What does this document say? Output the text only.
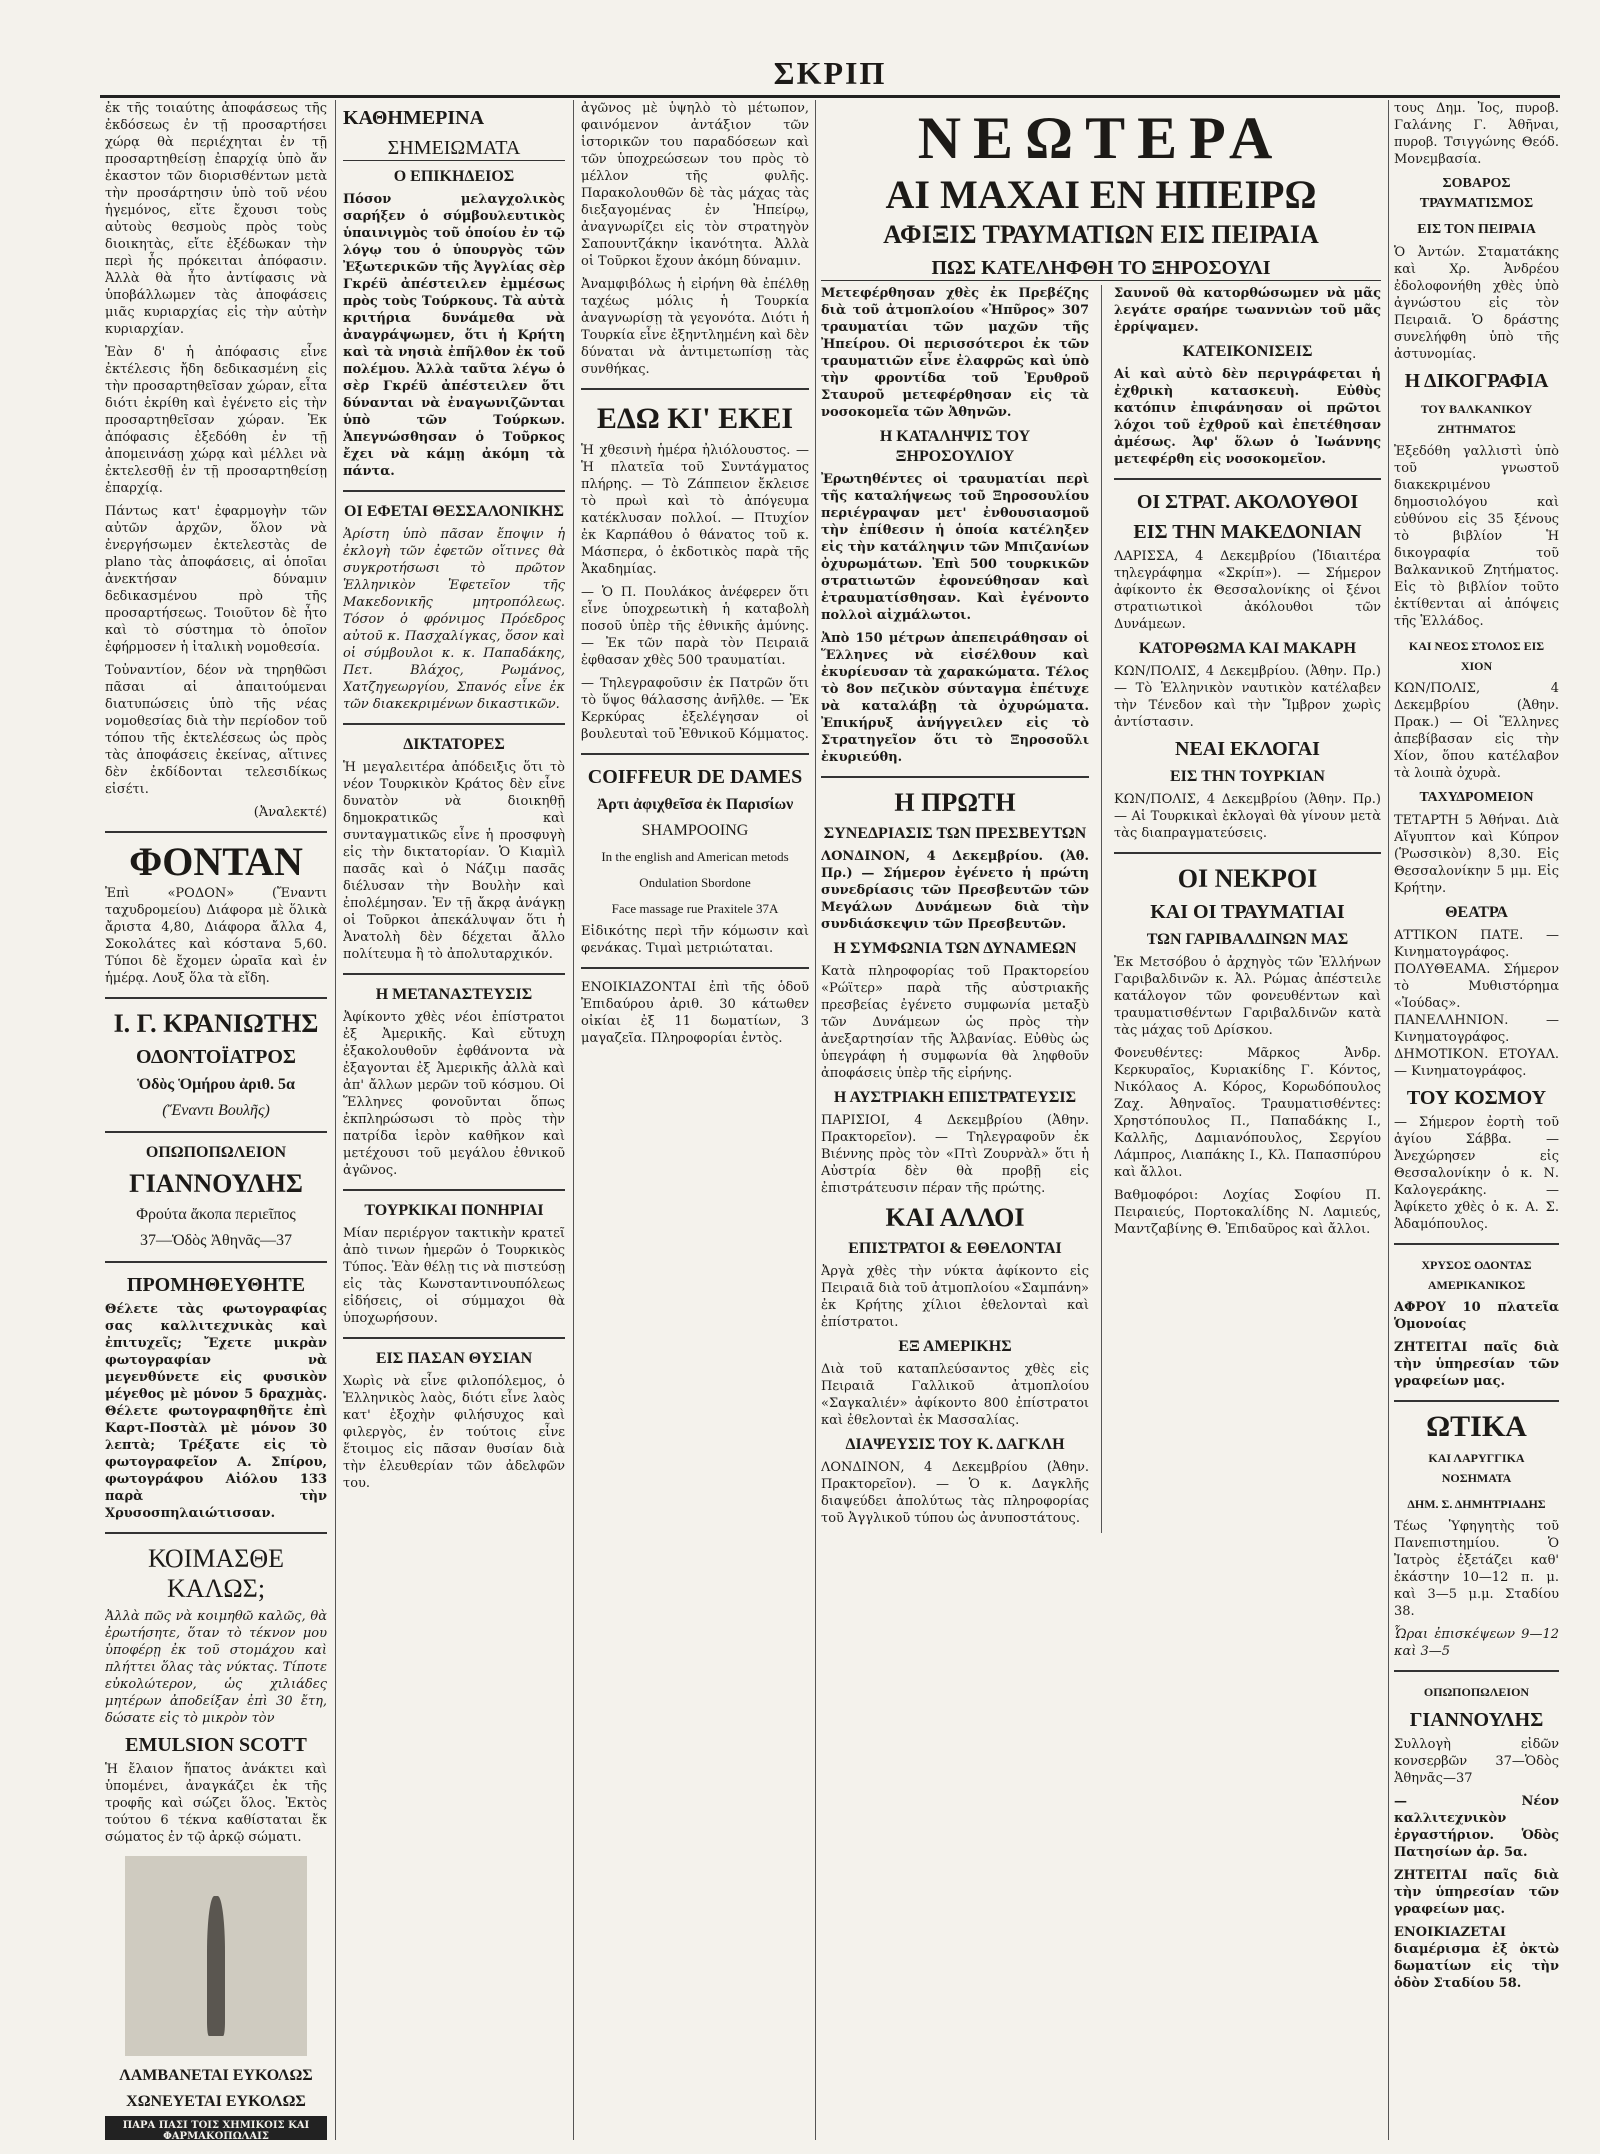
ΣΚΡΙΠ

ἐκ τῆς τοιαύτης ἀποφάσεως τῆς ἐκδόσεως ἐν τῇ προσαρτήσει χώρᾳ θὰ περιέχηται ἐν τῇ προσαρτηθείσῃ ἐπαρχίᾳ ὑπὸ ἄν ἐκαστον τῶν διορισθέντων μετὰ τὴν προσάρτησιν ὑπὸ τοῦ νέου ἡγεμόνος, εἴτε ἔχουσι τοὺς αὐτοὺς θεσμοὺς πρὸς τοὺς διοικητὰς, εἴτε ἐξέδωκαν τὴν περὶ ἧς πρόκειται ἀπόφασιν. Ἀλλὰ θὰ ἦτο ἀντίφασις νὰ ὑποβάλλωμεν τὰς ἀποφάσεις μιᾶς κυριαρχίας εἰς τὴν αὐτὴν κυριαρχίαν.

Ἐὰν δ' ἡ ἀπόφασις εἶνε ἐκτέλεσις ἤδη δεδικασμένη εἰς τὴν προσαρτηθεῖσαν χώραν, εἶτα διότι ἐκρίθη καὶ ἐγένετο εἰς τὴν προσαρτηθεῖσαν χώραν. Ἐκ ἀπόφασις ἐξεδόθη ἐν τῇ ἀπομεινάσῃ χώρᾳ καὶ μέλλει νὰ ἐκτελεσθῇ ἐν τῇ προσαρτηθείσῃ ἐπαρχίᾳ.

Πάντως κατ' ἐφαρμογὴν τῶν αὐτῶν ἀρχῶν, ὅλον νὰ ἐνεργήσωμεν ἐκτελεστὰς de plano τὰς ἀποφάσεις, αἱ ὁποῖαι ἀνεκτήσαν δύναμιν δεδικασμένου πρὸ τῆς προσαρτήσεως. Τοιοῦτον δὲ ἦτο καὶ τὸ σύστημα τὸ ὁποῖον ἐφήρμοσεν ἡ ἰταλικὴ νομοθεσία.

Τοὐναντίον, δέον νὰ τηρηθῶσι πᾶσαι αἱ ἀπαιτούμεναι διατυπώσεις ὑπὸ τῆς νέας νομοθεσίας διὰ τὴν περίοδον τοῦ τόπου τῆς ἐκτελέσεως ὡς πρὸς τὰς ἀποφάσεις ἐκείνας, αἵτινες δὲν ἐκδίδονται τελεσιδίκως εἰσέτι.

(Ἀναλεκτέ)

ΦΟΝΤΑΝ

Ἐπὶ «ΡΟΔΟΝ» (Ἔναντι ταχυδρομείου) Διάφορα μὲ ὅλικὰ ἄριστα 4,80, Διάφορα ἄλλα 4, Σοκολάτες καὶ κόστανα 5,60. Τύποι δὲ ἔχομεν ὡραῖα καὶ ἐν ἡμέρᾳ. Λουξ ὅλα τὰ εἴδη.

Ι. Γ. ΚΡΑΝΙΩΤΗΣ
ΟΔΟΝΤΟΪΑΤΡΟΣ
Ὁδὸς Ὁμήρου ἀριθ. 5α
(Ἔναντι Βουλῆς)
ΟΠΩΠΟΠΩΛΕΙΟΝ
ΓΙΑΝΝΟΥΛΗΣ
Φρούτα ἄκοπα περιεῖπος
37—Ὁδὸς Ἀθηνᾶς—37
ΠΡΟΜΗΘΕΥΘΗΤΕ

Θέλετε τὰς φωτογραφίας σας καλλιτεχνικὰς καὶ ἐπιτυχεῖς; Ἔχετε μικρὰν φωτογραφίαν νὰ μεγενθύνετε εἰς φυσικὸν μέγεθος μὲ μόνον 5 δραχμὰς. Θέλετε φωτογραφηθῆτε ἐπὶ Καρτ-Ποστὰλ μὲ μόνον 30 λεπτὰ; Τρέξατε εἰς τὸ φωτογραφεῖον Α. Σπίρου, φωτογράφου Αἰόλου 133 παρὰ τὴν Χρυσοσπηλαιώτισσαν.

ΚΟΙΜΑΣΘΕ ΚΑΛΩΣ;

Ἀλλὰ πῶς νὰ κοιμηθῶ καλῶς, θὰ ἐρωτήσητε, ὅταν τὸ τέκνον μου ὑποφέρῃ ἐκ τοῦ στομάχου καὶ πλήττει ὅλας τὰς νύκτας. Τίποτε εὐκολώτερον, ὡς χιλιάδες μητέρων ἀποδείξαν ἐπὶ 30 ἔτη, δώσατε εἰς τὸ μικρὸν τὸν

EMULSION SCOTT

Ἡ ἔλαιον ἥπατος ἀνάκτει καὶ ὑπομένει, ἀναγκάζει ἐκ τῆς τροφῆς καὶ σώζει ὅλος. Ἐκτὸς τούτου 6 τέκνα καθίσταται ἔκ σώματος ἐν τῷ ἀρκῷ σώματι.

ΛΑΜΒΑΝΕΤΑΙ ΕΥΚΟΛΩΣ
ΧΩΝΕΥΕΤΑΙ ΕΥΚΟΛΩΣ
ΠΑΡΑ ΠΑΣΙ ΤΟΙΣ ΧΗΜΙΚΟΙΣ ΚΑΙ ΦΑΡΜΑΚΟΠΩΛΑΙΣ
ΚΑΘΗΜΕΡΙΝΑ
ΣΗΜΕΙΩΜΑΤΑ
Ο ΕΠΙΚΗΔΕΙΟΣ

Πόσον μελαγχολικὸς σαρήξεν ὁ σύμβουλευτικὸς ὑπαινιγμὸς τοῦ ὁποίου ἐν τῷ λόγῳ του ὁ ὑπουργὸς τῶν Ἐξωτερικῶν τῆς Ἀγγλίας σὲρ Γκρέϋ ἀπέστειλεν ἐμμέσως πρὸς τοὺς Τούρκους. Τὰ αὐτὰ κριτήρια δυνάμεθα νὰ ἀναγράψωμεν, ὅτι ἡ Κρήτη καὶ τὰ νησιὰ ἐπῆλθον ἐκ τοῦ πολέμου. Ἀλλὰ ταῦτα λέγω ὁ σὲρ Γκρέϋ ἀπέστειλεν ὅτι δύνανται νὰ ἐναγωνιζῶνται ὑπὸ τῶν Τούρκων. Ἀπεγνώσθησαν ὁ Τοῦρκος ἔχει νὰ κάμῃ ἀκόμη τὰ πάντα.

ΟΙ ΕΦΕΤΑΙ ΘΕΣΣΑΛΟΝΙΚΗΣ

Ἀρίστη ὑπὸ πᾶσαν ἔποψιν ἡ ἐκλογὴ τῶν ἐφετῶν οἵτινες θὰ συγκροτήσωσι τὸ πρῶτον Ἑλληνικὸν Ἐφετεῖον τῆς Μακεδονικῆς μητροπόλεως. Τόσον ὁ φρόνιμος Πρόεδρος αὐτοῦ κ. Πασχαλίγκας, ὅσον καὶ οἱ σύμβουλοι κ. κ. Παπαδάκης, Πετ. Βλάχος, Ρωμάνος, Χατζηγεωργίου, Σπανός εἶνε ἐκ τῶν διακεκριμένων δικαστικῶν.

ΔΙΚΤΑΤΟΡΕΣ

Ἡ μεγαλειτέρα ἀπόδειξις ὅτι τὸ νέον Τουρκικὸν Κράτος δὲν εἶνε δυνατὸν νὰ διοικηθῇ δημοκρατικῶς καὶ συνταγματικῶς εἶνε ἡ προσφυγὴ εἰς τὴν δικτατορίαν. Ὁ Κιαμὶλ πασᾶς καὶ ὁ Νάζιμ πασᾶς διέλυσαν τὴν Βουλὴν καὶ ἐπολέμησαν. Ἐν τῇ ἄκρᾳ ἀνάγκῃ οἱ Τοῦρκοι ἀπεκάλυψαν ὅτι ἡ Ἀνατολὴ δὲν δέχεται ἄλλο πολίτευμα ἢ τὸ ἀπολυταρχικόν.

Η ΜΕΤΑΝΑΣΤΕΥΣΙΣ

Ἀφίκοντο χθὲς νέοι ἐπίστρατοι ἐξ Ἀμερικῆς. Καὶ εὔτυχη ἐξακολουθοῦν ἐφθάνοντα νὰ ἐξαγονται ἐξ Ἀμερικῆς ἀλλὰ καὶ ἀπ' ἄλλων μερῶν τοῦ κόσμου. Οἱ Ἕλληνες φονοῦνται ὅπως ἐκπληρώσωσι τὸ πρὸς τὴν πατρίδα ἱερὸν καθῆκον καὶ μετέχουσι τοῦ μεγάλου ἐθνικοῦ ἀγῶνος.

ΤΟΥΡΚΙΚΑΙ ΠΟΝΗΡΙΑΙ

Μίαν περιέργον τακτικὴν κρατεῖ ἀπὸ τινων ἡμερῶν ὁ Τουρκικὸς Τύπος. Ἐὰν θέλῃ τις νὰ πιστεύσῃ εἰς τὰς Κωνσταντινουπόλεως εἰδήσεις, οἱ σύμμαχοι θὰ ὑποχωρήσουν.

ΕΙΣ ΠΑΣΑΝ ΘΥΣΙΑΝ

Χωρὶς νὰ εἶνε φιλοπόλεμος, ὁ Ἑλληνικὸς λαὸς, διότι εἶνε λαὸς κατ' ἐξοχὴν φιλήσυχος καὶ φιλεργὸς, ἐν τούτοις εἶνε ἕτοιμος εἰς πᾶσαν θυσίαν διὰ τὴν ἐλευθερίαν τῶν ἀδελφῶν του.

ἀγῶνος μὲ ὑψηλὸ τὸ μέτωπον, φαινόμενον ἀντάξιον τῶν ἱστορικῶν του παραδόσεων καὶ τῶν ὑποχρεώσεων του πρὸς τὸ μέλλον τῆς φυλῆς. Παρακολουθῶν δὲ τὰς μάχας τὰς διεξαγομένας ἐν Ἠπείρῳ, ἀναγνωρίζει εἰς τὸν στρατηγὸν Σαπουντζάκην ἱκανότητα. Ἀλλὰ οἱ Τοῦρκοι ἔχουν ἀκόμη δύναμιν.

Ἀναμφιβόλως ἡ εἰρήνη θὰ ἐπέλθῃ ταχέως μόλις ἡ Τουρκία ἀναγνωρίσῃ τὰ γεγονότα. Διότι ἡ Τουρκία εἶνε ἐξηντλημένη καὶ δὲν δύναται νὰ ἀντιμετωπίσῃ τὰς συνθήκας.

ΕΔΩ ΚΙ' ΕΚΕΙ

Ἡ χθεσινὴ ἡμέρα ἠλιόλουστος. — Ἡ πλατεῖα τοῦ Συντάγματος πλήρης. — Τὸ Ζάππειον ἔκλεισε τὸ πρωὶ καὶ τὸ ἀπόγευμα κατέκλυσαν πολλοί. — Πτυχίον ἐκ Καρπάθου ὁ θάνατος τοῦ κ. Μάσπερα, ὁ ἐκδοτικὸς παρὰ τῆς Ἀκαδημίας.

— Ὁ Π. Πουλάκος ἀνέφερεν ὅτι εἶνε ὑποχρεωτικὴ ἡ καταβολὴ ποσοῦ ὑπὲρ τῆς ἐθνικῆς ἀμύνης. — Ἐκ τῶν παρὰ τὸν Πειραιᾶ ἐφθασαν χθὲς 500 τραυματίαι.

— Τηλεγραφοῦσιν ἐκ Πατρῶν ὅτι τὸ ὕψος θάλασσης ἀνῆλθε. — Ἐκ Κερκύρας ἐξελέγησαν οἱ βουλευταὶ τοῦ Ἐθνικοῦ Κόμματος.

COIFFEUR DE DAMES
Ἀρτι ἀφιχθεῖσα ἐκ Παρισίων
SHAMPOOING
In the english and American metods
Ondulation Sbordone
Face massage rue Praxitele 37A

Εἰδικότης περὶ τῆν κόμωσιν καὶ φενάκας. Τιμαὶ μετριώταται.

ΕΝΟΙΚΙΑΖΟΝΤΑΙ ἐπὶ τῆς ὁδοῦ Ἐπιδαύρου ἀριθ. 30 κάτωθεν οἰκίαι ἐξ 11 δωματίων, 3 μαγαζεῖα. Πληροφορίαι ἐντὸς.

ΝΕΩΤΕΡΑ
ΑΙ ΜΑΧΑΙ ΕΝ ΗΠΕΙΡΩ
ΑΦΙΞΙΣ ΤΡΑΥΜΑΤΙΩΝ ΕΙΣ ΠΕΙΡΑΙΑ
ΠΩΣ ΚΑΤΕΛΗΦΘΗ ΤΟ ΞΗΡΟΣΟΥΛΙ

Μετεφέρθησαν χθὲς ἐκ Πρεβέζης διὰ τοῦ ἀτμοπλοίου «Ἠπῦρος» 307 τραυματίαι τῶν μαχῶν τῆς Ἠπείρου. Οἱ περισσότεροι ἐκ τῶν τραυματιῶν εἶνε ἐλαφρῶς καὶ ὑπὸ τὴν φροντίδα τοῦ Ἐρυθροῦ Σταυροῦ μετεφέρθησαν εἰς τὰ νοσοκομεῖα τῶν Ἀθηνῶν.

Η ΚΑΤΑΛΗΨΙΣ ΤΟΥ ΞΗΡΟΣΟΥΛΙΟΥ

Ἐρωτηθέντες οἱ τραυματίαι περὶ τῆς καταλήψεως τοῦ Ξηροσουλίου περιέγραψαν μετ' ἐνθουσιασμοῦ τὴν ἐπίθεσιν ἡ ὁποία κατέληξεν εἰς τὴν κατάληψιν τῶν Μπιζανίων ὀχυρωμάτων. Ἐπὶ 500 τουρκικῶν στρατιωτῶν ἐφονεύθησαν καὶ ἐτραυματίσθησαν. Καὶ ἐγένοντο πολλοὶ αἰχμάλωτοι.

Ἀπὸ 150 μέτρων ἀπεπειράθησαν οἱ Ἕλληνες νὰ εἰσέλθουν καὶ ἐκυρίευσαν τὰ χαρακώματα. Τέλος τὸ 8ον πεζικὸν σύνταγμα ἐπέτυχε νὰ καταλάβῃ τὰ ὀχυρώματα. Ἐπικήρυξ ἀνήγγειλεν εἰς τὸ Στρατηγεῖον ὅτι τὸ Ξηροσοῦλι ἐκυριεύθη.

Η ΠΡΩΤΗ
ΣΥΝΕΔΡΙΑΣΙΣ ΤΩΝ ΠΡΕΣΒΕΥΤΩΝ

ΛΟΝΔΙΝΟΝ, 4 Δεκεμβρίου. (Ἀθ. Πρ.) — Σήμερον ἐγένετο ἡ πρώτη συνεδρίασις τῶν Πρεσβευτῶν τῶν Μεγάλων Δυνάμεων διὰ τὴν συνδιάσκεψιν τῶν Πρεσβευτῶν.

Η ΣΥΜΦΩΝΙΑ ΤΩΝ ΔΥΝΑΜΕΩΝ

Κατὰ πληροφορίας τοῦ Πρακτορείου «Ρώϊτερ» παρὰ τῆς αὐστριακῆς πρεσβείας ἐγένετο συμφωνία μεταξὺ τῶν Δυνάμεων ὡς πρὸς τὴν ἀνεξαρτησίαν τῆς Ἀλβανίας. Εὐθὺς ὡς ὑπεγράφη ἡ συμφωνία θὰ ληφθοῦν ἀποφάσεις ὑπὲρ τῆς εἰρήνης.

Η ΑΥΣΤΡΙΑΚΗ ΕΠΙΣΤΡΑΤΕΥΣΙΣ

ΠΑΡΙΣΙΟΙ, 4 Δεκεμβρίου (Ἀθην. Πρακτορεῖον). — Τηλεγραφοῦν ἐκ Βιέννης πρὸς τὸν «Πτὶ Ζουρνὰλ» ὅτι ἡ Αὐστρία δὲν θὰ προβῇ εἰς ἐπιστράτευσιν πέραν τῆς πρώτης.

ΚΑΙ ΑΛΛΟΙ
ΕΠΙΣΤΡΑΤΟΙ & ΕΘΕΛΟΝΤΑΙ

Ἀργὰ χθὲς τὴν νύκτα ἀφίκοντο εἰς Πειραιᾶ διὰ τοῦ ἀτμοπλοίου «Σαμπάνη» ἐκ Κρήτης χίλιοι ἐθελονταὶ καὶ ἐπίστρατοι.

ΕΞ ΑΜΕΡΙΚΗΣ

Διὰ τοῦ καταπλεύσαντος χθὲς εἰς Πειραιᾶ Γαλλικοῦ ἀτμοπλοίου «Σαγκαλιέν» ἀφίκοντο 800 ἐπίστρατοι καὶ ἐθελονταὶ ἐκ Μασσαλίας.

ΔΙΑΨΕΥΣΙΣ ΤΟΥ Κ. ΔΑΓΚΛΗ

ΛΟΝΔΙΝΟΝ, 4 Δεκεμβρίου (Ἀθην. Πρακτορεῖον). — Ὁ κ. Δαγκλῆς διαψεύδει ἀπολύτως τὰς πληροφορίας τοῦ Ἀγγλικοῦ τύπου ὡς ἀνυποστάτους.

Σαυνοῦ θὰ κατορθώσωμεν νὰ μᾶς λεγάτε σραήρε τωαννιὼν τοῦ μᾶς ἐρρίψαμεν.

ΚΑΤΕΙΚΟΝΙΣΕΙΣ

Αἱ καὶ αὐτὸ δὲν περιγράφεται ἡ ἐχθρικὴ κατασκευὴ. Εὐθὺς κατόπιν ἐπιφάνησαν οἱ πρῶτοι λόχοι τοῦ ἐχθροῦ καὶ ἐπετέθησαν ἀμέσως. Ἀφ' ὅλων ὁ Ἰωάννης μετεφέρθη εἰς νοσοκομεῖον.

ΟΙ ΣΤΡΑΤ. ΑΚΟΛΟΥΘΟΙ
ΕΙΣ ΤΗΝ ΜΑΚΕΔΟΝΙΑΝ

ΛΑΡΙΣΣΑ, 4 Δεκεμβρίου (Ἰδιαιτέρα τηλεγράφημα «Σκρίπ»). — Σήμερον ἀφίκοντο ἐκ Θεσσαλονίκης οἱ ξένοι στρατιωτικοὶ ἀκόλουθοι τῶν Δυνάμεων.

ΚΑΤΟΡΘΩΜΑ ΚΑΙ ΜΑΚΑΡΗ

ΚΩΝ/ΠΟΛΙΣ, 4 Δεκεμβρίου. (Ἀθην. Πρ.) — Τὸ Ἑλληνικὸν ναυτικὸν κατέλαβεν τὴν Τένεδον καὶ τὴν Ἴμβρον χωρὶς ἀντίστασιν.

ΝΕΑΙ ΕΚΛΟΓΑΙ
ΕΙΣ ΤΗΝ ΤΟΥΡΚΙΑΝ

ΚΩΝ/ΠΟΛΙΣ, 4 Δεκεμβρίου (Ἀθην. Πρ.) — Αἱ Τουρκικαὶ ἐκλογαὶ θὰ γίνουν μετὰ τὰς διαπραγματεύσεις.

ΟΙ ΝΕΚΡΟΙ
ΚΑΙ ΟΙ ΤΡΑΥΜΑΤΙΑΙ
ΤΩΝ ΓΑΡΙΒΑΛΔΙΝΩΝ ΜΑΣ

Ἐκ Μετσόβου ὁ ἀρχηγὸς τῶν Ἑλλήνων Γαριβαλδινῶν κ. Ἀλ. Ρώμας ἀπέστειλε κατάλογον τῶν φονευθέντων καὶ τραυματισθέντων Γαριβαλδινῶν κατὰ τὰς μάχας τοῦ Δρίσκου.

Φονευθέντες: Μᾶρκος Ἀνδρ. Κερκυραῖος, Κυριακίδης Γ. Κόντος, Νικόλαος Α. Κόρος, Κορωδόπουλος Ζαχ. Ἀθηναῖος. Τραυματισθέντες: Χρηστόπουλος Π., Παπαδάκης Ι., Καλλῆς, Δαμιανόπουλος, Σεργίου Λάμπρος, Λιαπάκης Ι., Κλ. Παπασπύρου καὶ ἄλλοι.

Βαθμοφόροι: Λοχίας Σοφίου Π. Πειραιεύς, Πορτοκαλίδης Ν. Λαμιεύς, Μαντζαβίνης Θ. Ἐπιδαῦρος καὶ ἄλλοι.

τους Δημ. Ἰος, πυροβ. Γαλάνης Γ. Ἀθῆναι, πυροβ. Τσιγγώνης Θεόδ. Μονεμβασία.

ΣΟΒΑΡΟΣ ΤΡΑΥΜΑΤΙΣΜΟΣ
ΕΙΣ ΤΟΝ ΠΕΙΡΑΙΑ

Ὁ Ἀντών. Σταματάκης καὶ Χρ. Ἀνδρέου ἐδολοφονήθη χθὲς ὑπὸ ἀγνώστου εἰς τὸν Πειραιᾶ. Ὁ δράστης συνελήφθη ὑπὸ τῆς ἀστυνομίας.

Η ΔΙΚΟΓΡΑΦΙΑ
ΤΟΥ ΒΑΛΚΑΝΙΚΟΥ ΖΗΤΗΜΑΤΟΣ

Ἐξεδόθη γαλλιστὶ ὑπὸ τοῦ γνωστοῦ διακεκριμένου δημοσιολόγου καὶ εὐθύνου εἰς 35 ξένους τὸ βιβλίον Ἡ δικογραφία τοῦ Βαλκανικοῦ Ζητήματος. Εἰς τὸ βιβλίον τοῦτο ἐκτίθενται αἱ ἀπόψεις τῆς Ἑλλάδος.

ΚΑΙ ΝΕΟΣ ΣΤΟΛΟΣ ΕΙΣ ΧΙΟΝ

ΚΩΝ/ΠΟΛΙΣ, 4 Δεκεμβρίου (Ἀθην. Πρακ.) — Οἱ Ἕλληνες ἀπεβίβασαν εἰς τὴν Χίον, ὅπου κατέλαβον τὰ λοιπὰ ὀχυρὰ.

ΤΑΧΥΔΡΟΜΕΙΟΝ

ΤΕΤΑΡΤΗ 5 Ἀθήναι. Διὰ Αἴγυπτον καὶ Κύπρον (Ῥωσσικὸν) 8,30. Εἰς Θεσσαλονίκην 5 μμ. Εἰς Κρήτην.

ΘΕΑΤΡΑ

ΑΤΤΙΚΟΝ ΠΑΤΕ. — Κινηματογράφος. ΠΟΛΥΘΕΑΜΑ. Σήμερον τὸ Μυθιστόρημα «Ἰούδας». ΠΑΝΕΛΛΗΝΙΟΝ. — Κινηματογράφος. ΔΗΜΟΤΙΚΟΝ. ΕΤΟΥΑΛ. — Κινηματογράφος.

ΤΟΥ ΚΟΣΜΟΥ

— Σήμερον ἐορτὴ τοῦ ἁγίου Σάββα. — Ἀνεχώρησεν εἰς Θεσσαλονίκην ὁ κ. Ν. Καλογεράκης. — Ἀφίκετο χθὲς ὁ κ. Α. Σ. Ἀδαμόπουλος.

ΧΡΥΣΟΣ ΟΔΟΝΤΑΣ ΑΜΕΡΙΚΑΝΙΚΟΣ

ΑΦΡΟΥ 10 πλατεῖα Ὁμονοίας

ΖΗΤΕΙΤΑΙ παῖς διὰ τὴν ὑπηρεσίαν τῶν γραφείων μας.

ΩΤΙΚΑ
ΚΑΙ ΛΑΡΥΓΓΙΚΑ ΝΟΣΗΜΑΤΑ
ΔΗΜ. Σ. ΔΗΜΗΤΡΙΑΔΗΣ

Τέως Ὑφηγητὴς τοῦ Πανεπιστημίου. Ὁ Ἰατρὸς ἐξετάζει καθ' ἑκάστην 10—12 π. μ. καὶ 3—5 μ.μ. Σταδίου 38.

Ὧραι ἐπισκέψεων 9—12 καὶ 3—5

ΟΠΩΠΟΠΩΛΕΙΟΝ
ΓΙΑΝΝΟΥΛΗΣ

Συλλογὴ εἰδῶν κονσερβῶν 37—Ὁδὸς Ἀθηνᾶς—37

— Νέον καλλιτεχνικὸν ἐργαστήριον. Ὁδὸς Πατησίων ἀρ. 5α.

ΖΗΤΕΙΤΑΙ παῖς διὰ τὴν ὑπηρεσίαν τῶν γραφείων μας.

ΕΝΟΙΚΙΑΖΕΤΑΙ διαμέρισμα ἐξ ὀκτὼ δωματίων εἰς τὴν ὁδὸν Σταδίου 58.
